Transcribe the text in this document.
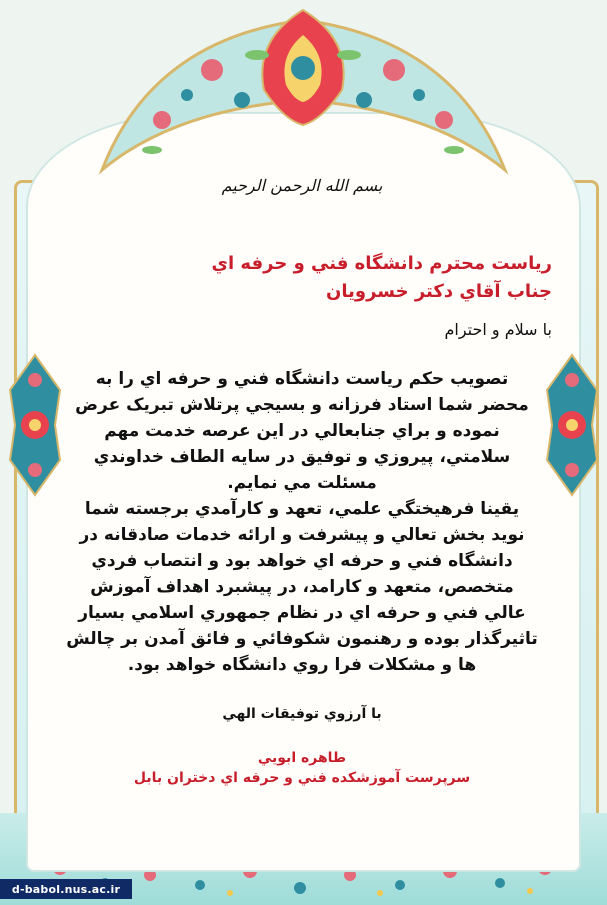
بسم الله الرحمن الرحيم
رياست محترم دانشگاه فني و حرفه اي
جناب آقاي دکتر خسرويان
با سلام و احترام

تصويب حکم رياست دانشگاه فني و حرفه اي را به

محضر شما استاد فرزانه و بسيجي پرتلاش تبريک عرض

نموده و براي جنابعالي در اين عرصه خدمت مهم

سلامتي، پيروزي و توفيق در سايه الطاف خداوندي

مسئلت مي نمايم.

يقينا فرهيختگي علمي، تعهد و کارآمدي برجسته شما

نويد بخش تعالي و پيشرفت و ارائه خدمات صادقانه در

دانشگاه فني و حرفه اي خواهد بود و انتصاب فردي

متخصص، متعهد و کارامد، در پيشبرد اهداف آموزش

عالي فني و حرفه اي در نظام جمهوري اسلامي بسيار

تاثيرگذار بوده و رهنمون شکوفائي و فائق آمدن بر چالش

ها و مشکلات فرا روي دانشگاه خواهد بود.

با آرزوي توفيقات الهي
طاهره ابويي
سرپرست آموزشکده فني و حرفه اي دختران بابل
d-babol.nus.ac.ir
